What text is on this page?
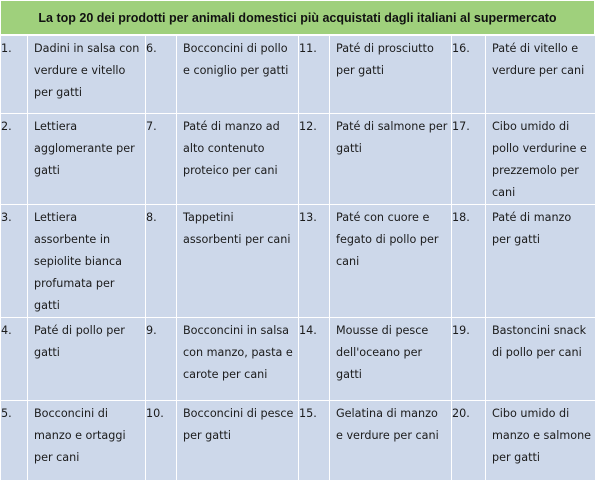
La top 20 dei prodotti per animali domestici più acquistati dagli italiani al supermercato
1.	Dadini in salsa con verdure e vitello per gatti	6.	Bocconcini di pollo e coniglio per gatti	11.	Paté di prosciutto per gatti	16.	Paté di vitello e verdure per cani
2.	Lettiera agglomerante per gatti	7.	Paté di manzo ad alto contenuto proteico per cani	12.	Paté di salmone per gatti	17.	Cibo umido di pollo verdurine e prezzemolo per cani
3.	Lettiera assorbente in sepiolite bianca profumata per gatti	8.	Tappetini assorbenti per cani	13.	Paté con cuore e fegato di pollo per cani	18.	Paté di manzo per gatti
4.	Paté di pollo per gatti	9.	Bocconcini in salsa con manzo, pasta e carote per cani	14.	Mousse di pesce dell'oceano per gatti	19.	Bastoncini snack di pollo per cani
5.	Bocconcini di manzo e ortaggi per cani	10.	Bocconcini di pesce per gatti	15.	Gelatina di manzo e verdure per cani	20.	Cibo umido di manzo e salmone per gatti
